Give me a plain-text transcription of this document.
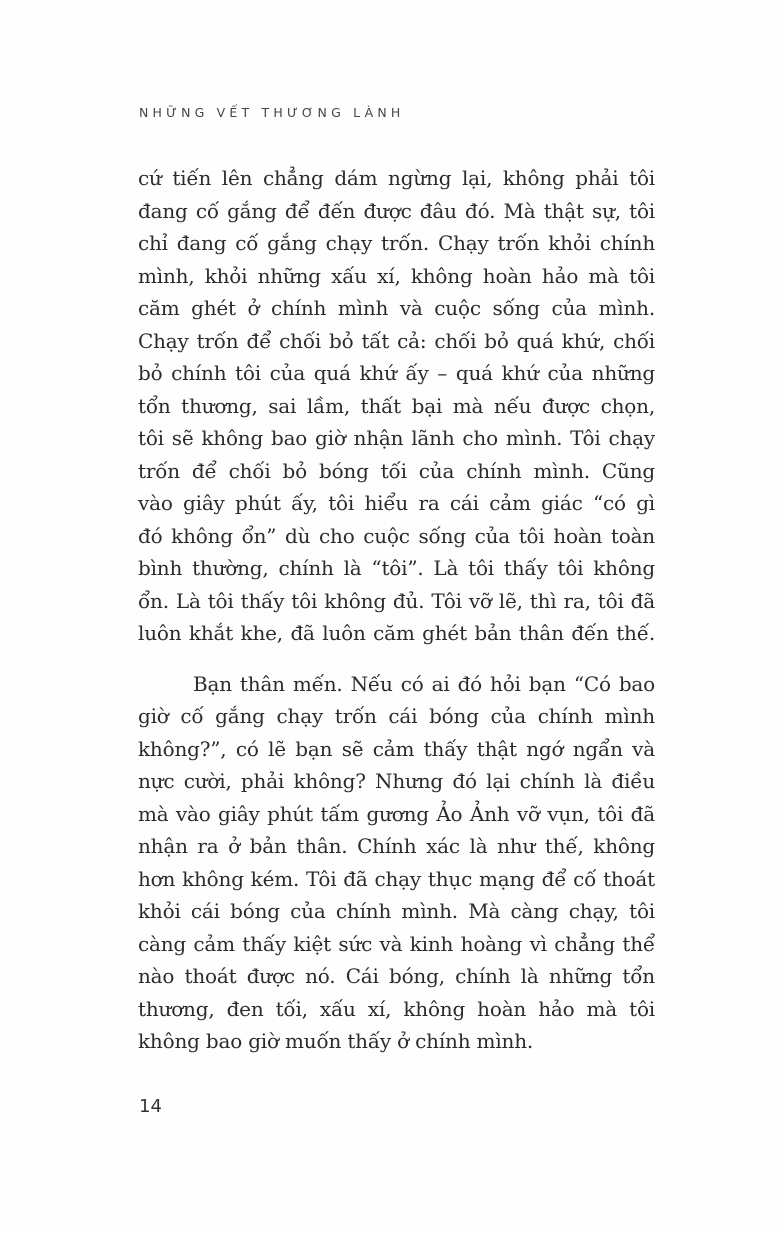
NHỮNG VẾT THƯƠNG LÀNH
cứ tiến lên chẳng dám ngừng lại, không phải tôi
đang cố gắng để đến được đâu đó. Mà thật sự, tôi
chỉ đang cố gắng chạy trốn. Chạy trốn khỏi chính
mình, khỏi những xấu xí, không hoàn hảo mà tôi
căm ghét ở chính mình và cuộc sống của mình.
Chạy trốn để chối bỏ tất cả: chối bỏ quá khứ, chối
bỏ chính tôi của quá khứ ấy – quá khứ của những
tổn thương, sai lầm, thất bại mà nếu được chọn,
tôi sẽ không bao giờ nhận lãnh cho mình. Tôi chạy
trốn để chối bỏ bóng tối của chính mình. Cũng
vào giây phút ấy, tôi hiểu ra cái cảm giác “có gì
đó không ổn” dù cho cuộc sống của tôi hoàn toàn
bình thường, chính là “tôi”. Là tôi thấy tôi không
ổn. Là tôi thấy tôi không đủ. Tôi vỡ lẽ, thì ra, tôi đã
luôn khắt khe, đã luôn căm ghét bản thân đến thế.
Bạn thân mến. Nếu có ai đó hỏi bạn “Có bao
giờ cố gắng chạy trốn cái bóng của chính mình
không?”, có lẽ bạn sẽ cảm thấy thật ngớ ngẩn và
nực cười, phải không? Nhưng đó lại chính là điều
mà vào giây phút tấm gương Ảo Ảnh vỡ vụn, tôi đã
nhận ra ở bản thân. Chính xác là như thế, không
hơn không kém. Tôi đã chạy thục mạng để cố thoát
khỏi cái bóng của chính mình. Mà càng chạy, tôi
càng cảm thấy kiệt sức và kinh hoàng vì chẳng thể
nào thoát được nó. Cái bóng, chính là những tổn
thương, đen tối, xấu xí, không hoàn hảo mà tôi
không bao giờ muốn thấy ở chính mình.
14
